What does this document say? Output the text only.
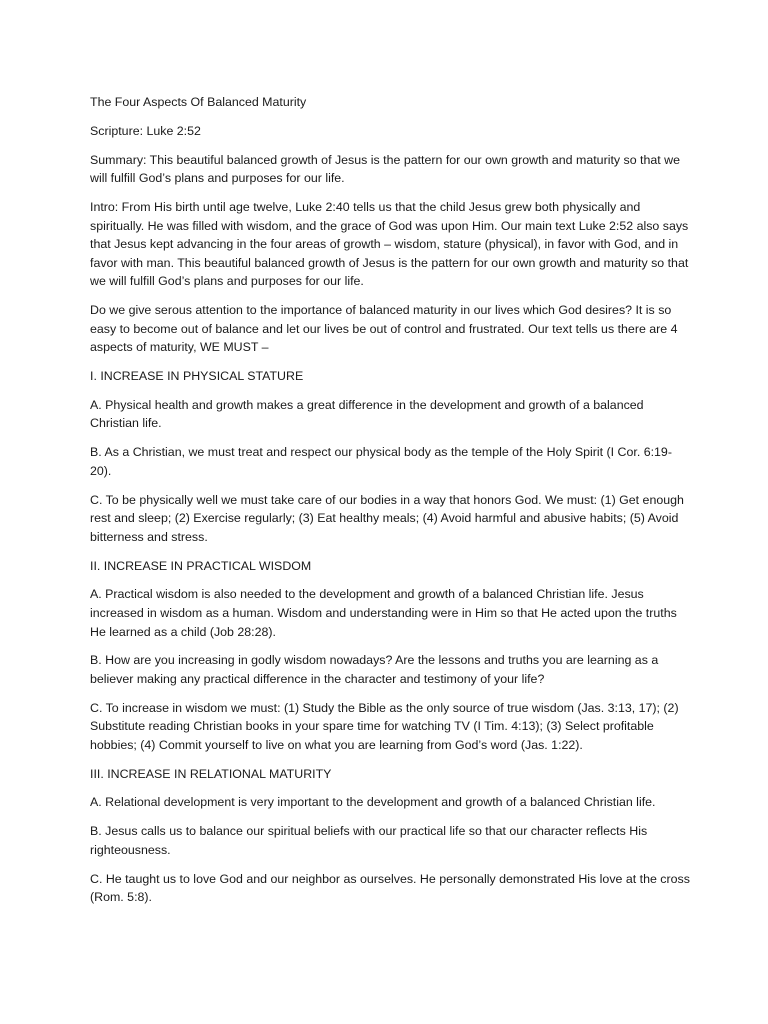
The Four Aspects Of Balanced Maturity

Scripture: Luke 2:52

Summary: This beautiful balanced growth of Jesus is the pattern for our own growth and maturity so that we will fulfill God’s plans and purposes for our life.

Intro: From His birth until age twelve, Luke 2:40 tells us that the child Jesus grew both physically and spiritually. He was filled with wisdom, and the grace of God was upon Him. Our main text Luke 2:52 also says that Jesus kept advancing in the four areas of growth – wisdom, stature (physical), in favor with God, and in favor with man. This beautiful balanced growth of Jesus is the pattern for our own growth and maturity so that we will fulfill God’s plans and purposes for our life.

Do we give serous attention to the importance of balanced maturity in our lives which God desires? It is so easy to become out of balance and let our lives be out of control and frustrated. Our text tells us there are 4 aspects of maturity, WE MUST –

I. INCREASE IN PHYSICAL STATURE

A. Physical health and growth makes a great difference in the development and growth of a balanced Christian life.

B. As a Christian, we must treat and respect our physical body as the temple of the Holy Spirit (I Cor. 6:19-20).

C. To be physically well we must take care of our bodies in a way that honors God. We must: (1) Get enough rest and sleep; (2) Exercise regularly; (3) Eat healthy meals; (4) Avoid harmful and abusive habits; (5) Avoid bitterness and stress.

II. INCREASE IN PRACTICAL WISDOM

A. Practical wisdom is also needed to the development and growth of a balanced Christian life. Jesus increased in wisdom as a human. Wisdom and understanding were in Him so that He acted upon the truths He learned as a child (Job 28:28).

B. How are you increasing in godly wisdom nowadays? Are the lessons and truths you are learning as a believer making any practical difference in the character and testimony of your life?

C. To increase in wisdom we must: (1) Study the Bible as the only source of true wisdom (Jas. 3:13, 17); (2) Substitute reading Christian books in your spare time for watching TV (I Tim. 4:13); (3) Select profitable hobbies; (4) Commit yourself to live on what you are learning from God’s word (Jas. 1:22).

III. INCREASE IN RELATIONAL MATURITY

A. Relational development is very important to the development and growth of a balanced Christian life.

B. Jesus calls us to balance our spiritual beliefs with our practical life so that our character reflects His righteousness.

C. He taught us to love God and our neighbor as ourselves. He personally demonstrated His love at the cross (Rom. 5:8).
